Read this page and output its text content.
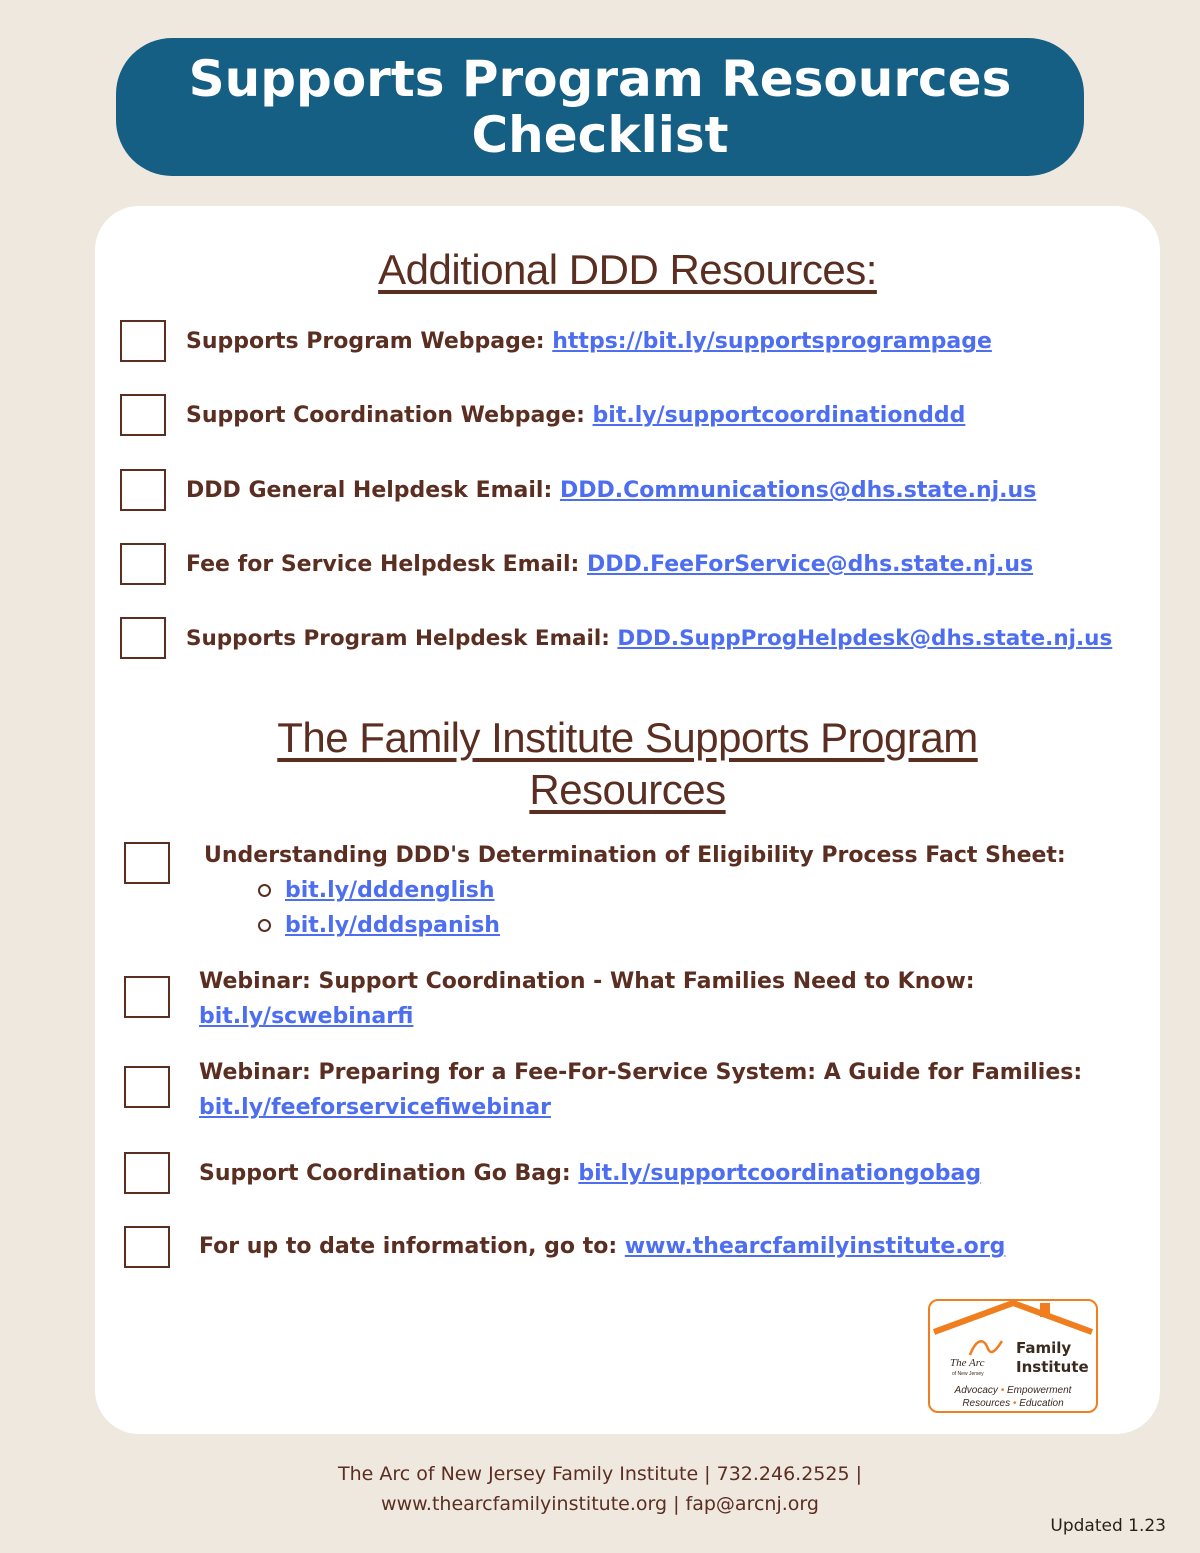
Supports Program Resources
Checklist
Additional DDD Resources:
Supports Program Webpage: https://bit.ly/supportsprogrampage
Support Coordination Webpage: bit.ly/supportcoordinationddd
DDD General Helpdesk Email: DDD.Communications@dhs.state.nj.us
Fee for Service Helpdesk Email: DDD.FeeForService@dhs.state.nj.us
Supports Program Helpdesk Email: DDD.SuppProgHelpdesk@dhs.state.nj.us
The Family Institute Supports Program
Resources
Understanding DDD's Determination of Eligibility Process Fact Sheet:
bit.ly/dddenglish
bit.ly/dddspanish
Webinar: Support Coordination - What Families Need to Know:
bit.ly/scwebinarfi
Webinar: Preparing for a Fee-For-Service System: A Guide for Families:
bit.ly/feeforservicefiwebinar
Support Coordination Go Bag: bit.ly/supportcoordinationgobag
For up to date information, go to: www.thearcfamilyinstitute.org
Family
Institute
The Arc
of New Jersey
Advocacy • Empowerment
Resources • Education
The Arc of New Jersey Family Institute | 732.246.2525 |
www.thearcfamilyinstitute.org | fap@arcnj.org
Updated 1.23
